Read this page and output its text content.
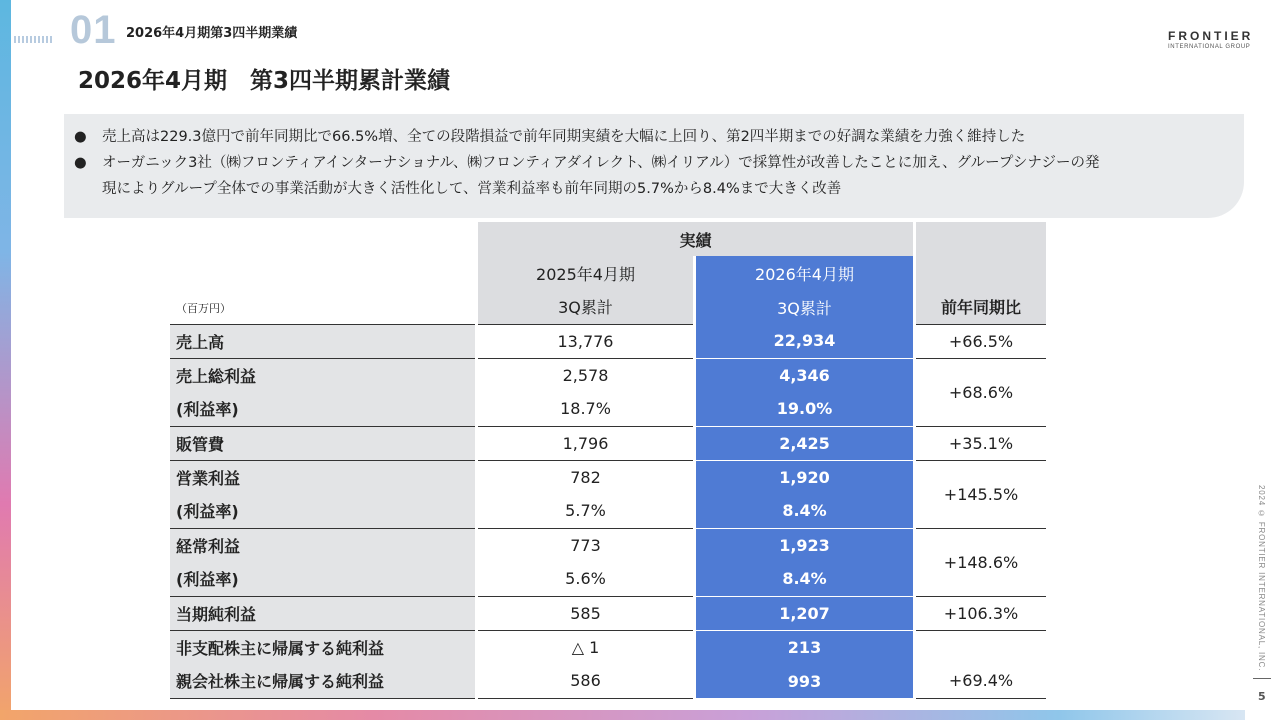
01 2026年4月期第3四半期業績
2026年4月期　第3四半期累計業績
FRONTIER
INTERNATIONAL GROUP
● 売上高は229.3億円で前年同期比で66.5%増、全ての段階損益で前年同期実績を大幅に上回り、第2四半期までの好調な業績を力強く維持した
● オーガニック3社（㈱フロンティアインターナショナル、㈱フロンティアダイレクト、㈱イリアル）で採算性が改善したことに加え、グループシナジーの発
現によりグループ全体での事業活動が大きく活性化して、営業利益率も前年同期の5.7%から8.4%まで大きく改善
		実績				前年同期比
		2025年4月期		2026年4月期		
（百万円）		3Q累計		3Q累計		
売上高		13,776		22,934		+66.5%
売上総利益		2,578		4,346		+68.6%
(利益率)		18.7%		19.0%		
販管費		1,796		2,425		+35.1%
営業利益		782		1,920		+145.5%
(利益率)		5.7%		8.4%		
経常利益		773		1,923		+148.6%
(利益率)		5.6%		8.4%		
当期純利益		585		1,207		+106.3%
非支配株主に帰属する純利益		△ 1		213		
親会社株主に帰属する純利益		586		993		+69.4%
2024 © FRONTIER INTERNATIONAL, INC.
5
